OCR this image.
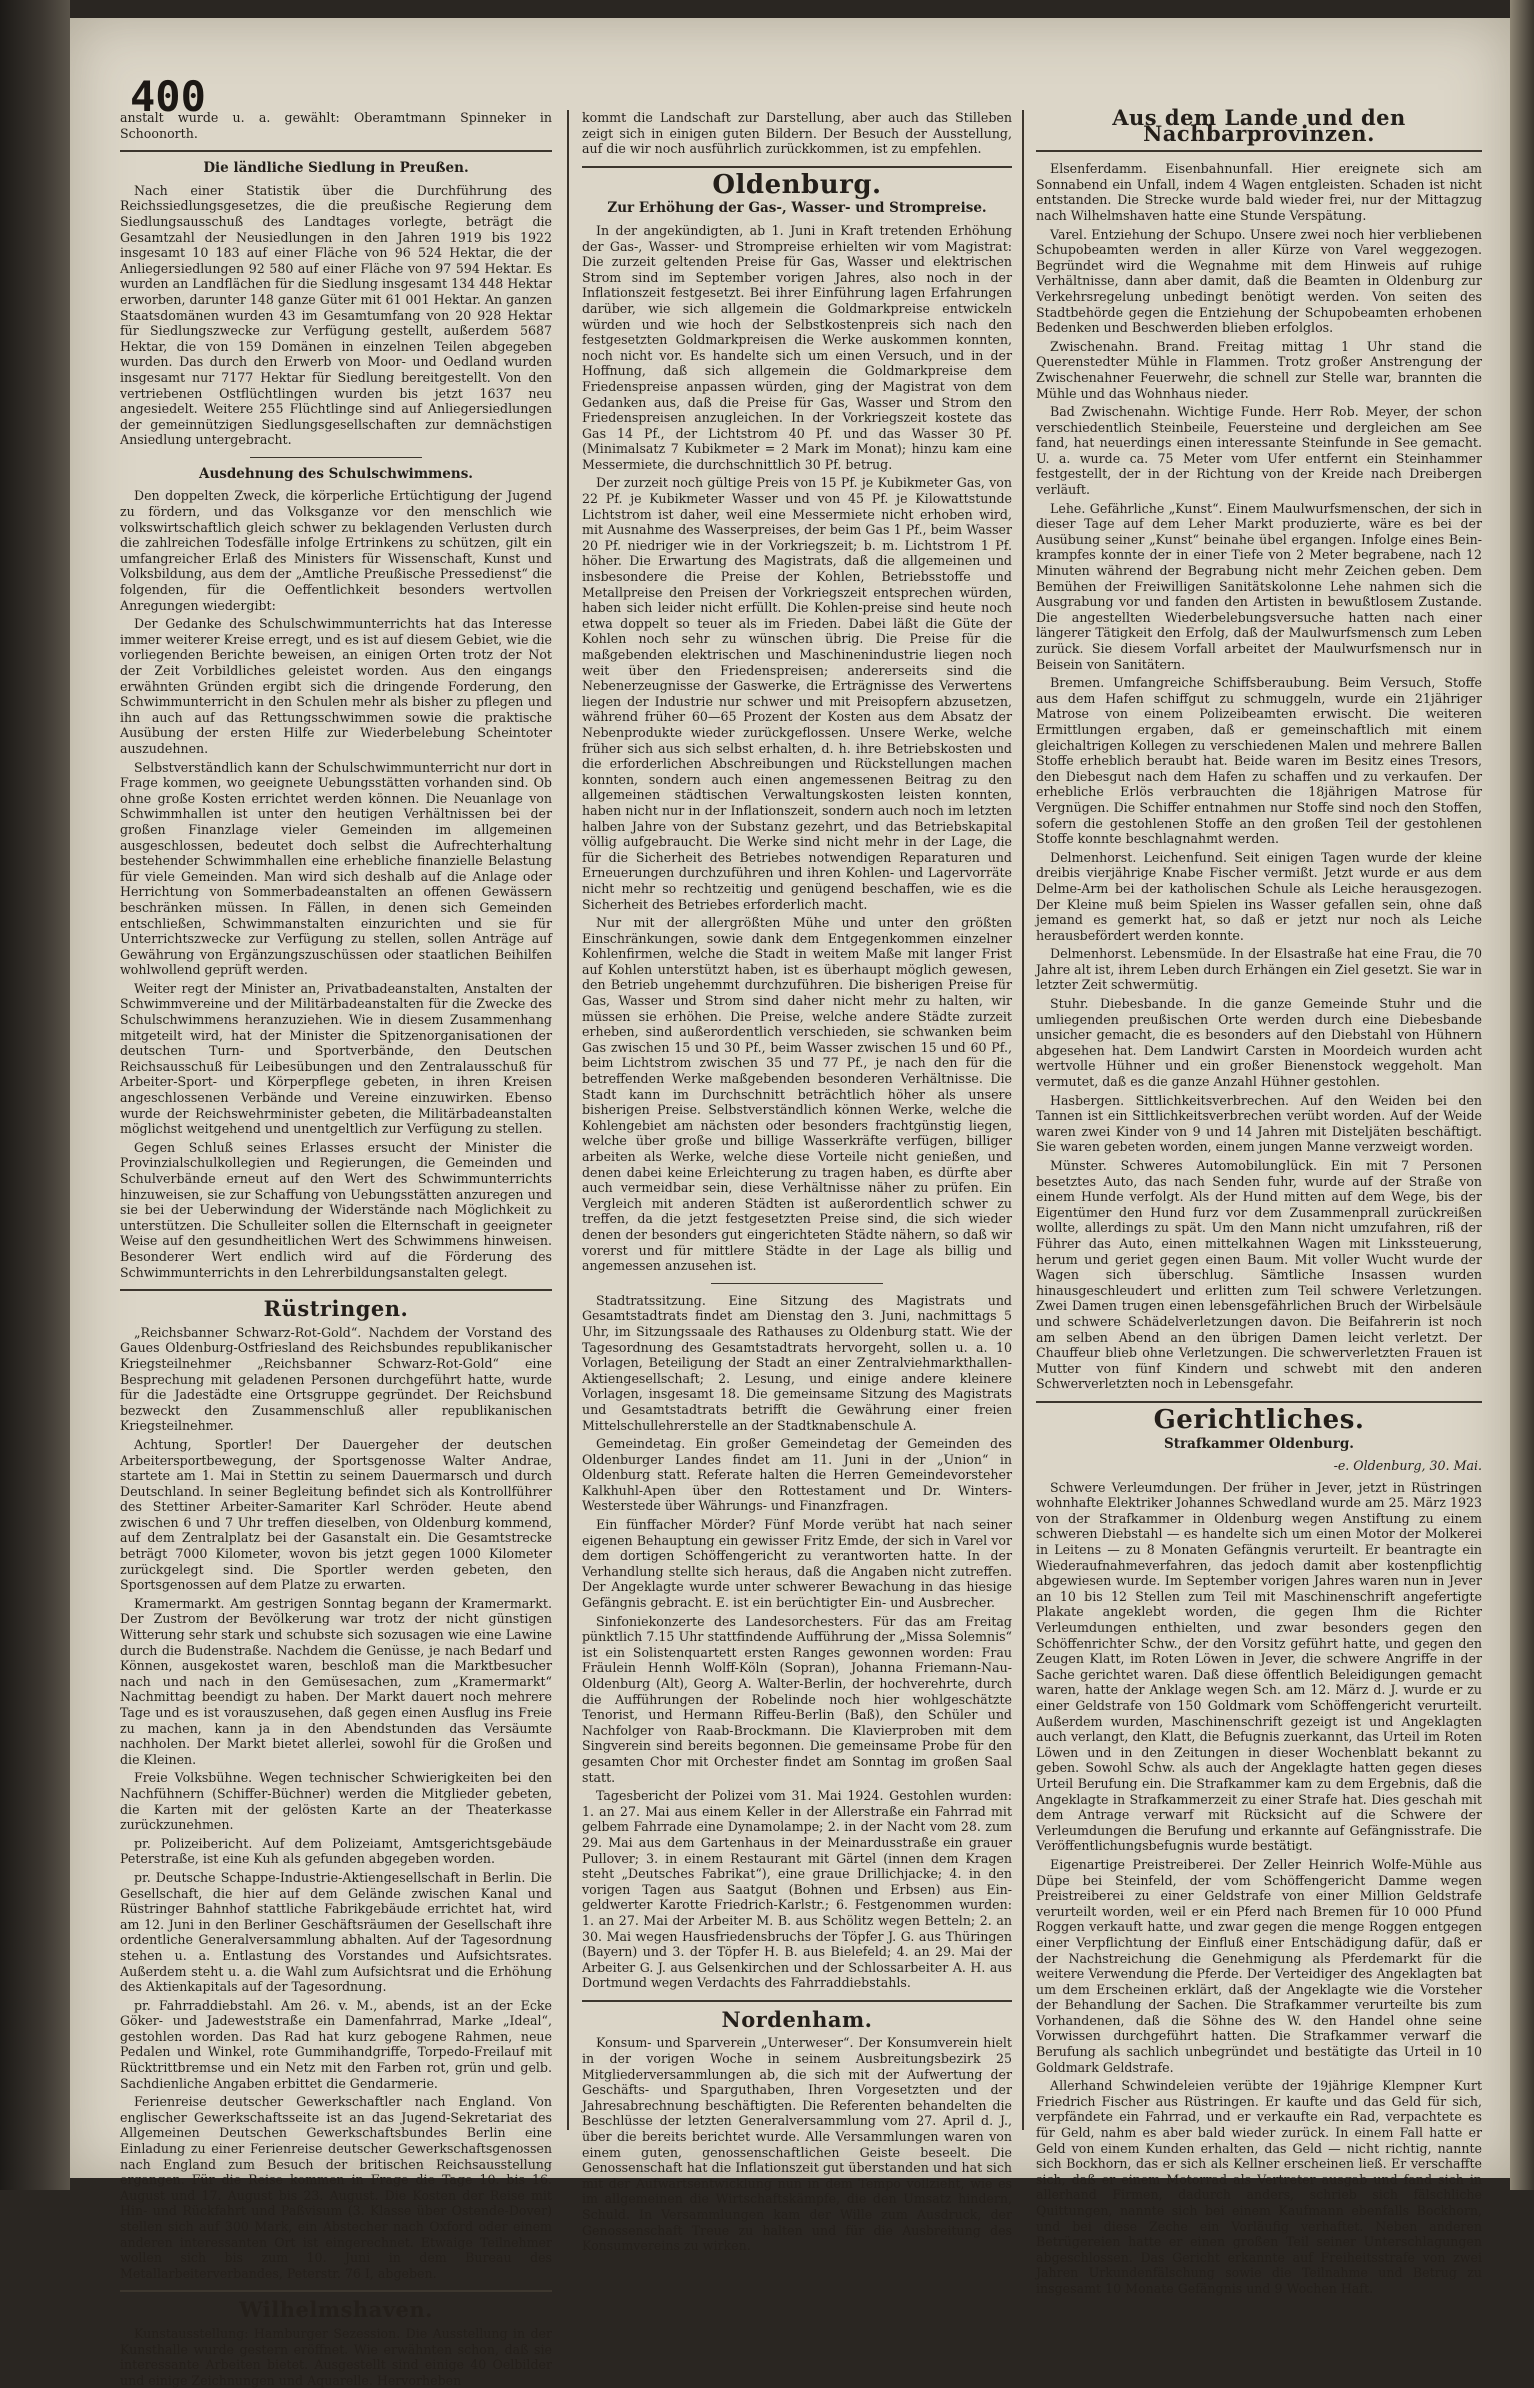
400

anstalt wurde u. a. gewählt: Oberamtmann Spinneker in Schoonorth.

Die ländliche Siedlung in Preußen.

Nach einer Statistik über die Durchführung des Reichssiedlungsgesetzes, die die preußische Regierung dem Siedlungsausschuß des Landtages vorlegte, beträgt die Gesamtzahl der Neusiedlungen in den Jahren 1919 bis 1922 insgesamt 10 183 auf einer Fläche von 96 524 Hektar, die der Anliegersiedlungen 92 580 auf einer Fläche von 97 594 Hektar. Es wurden an Landflächen für die Siedlung insgesamt 134 448 Hektar erworben, darunter 148 ganze Güter mit 61 001 Hektar. An ganzen Staatsdomänen wurden 43 im Gesamtumfang von 20 928 Hektar für Siedlungszwecke zur Verfügung gestellt, außerdem 5687 Hektar, die von 159 Domänen in einzelnen Teilen abgegeben wurden. Das durch den Erwerb von Moor- und Oedland wurden insgesamt nur 7177 Hektar für Siedlung bereitgestellt. Von den vertriebenen Ostflüchtlingen wurden bis jetzt 1637 neu angesiedelt. Weitere 255 Flüchtlinge sind auf Anliegersiedlungen der gemeinnützigen Siedlungsgesellschaften zur demnächstigen Ansiedlung untergebracht.

Ausdehnung des Schulschwimmens.

Den doppelten Zweck, die körperliche Ertüchtigung der Jugend zu fördern, und das Volksganze vor den menschlich wie volkswirtschaftlich gleich schwer zu beklagenden Verlusten durch die zahlreichen Todesfälle infolge Ertrinkens zu schützen, gilt ein umfangreicher Erlaß des Ministers für Wissenschaft, Kunst und Volksbildung, aus dem der „Amtliche Preußische Pressedienst“ die folgenden, für die Oeffentlichkeit besonders wertvollen Anregungen wiedergibt:

Der Gedanke des Schulschwimmunterrichts hat das Interesse immer weiterer Kreise erregt, und es ist auf diesem Gebiet, wie die vorliegenden Berichte beweisen, an einigen Orten trotz der Not der Zeit Vorbildliches geleistet worden. Aus den eingangs erwähnten Gründen ergibt sich die dringende Forderung, den Schwimmunterricht in den Schulen mehr als bisher zu pflegen und ihn auch auf das Rettungsschwimmen sowie die praktische Ausübung der ersten Hilfe zur Wiederbelebung Scheintoter auszudehnen.

Selbstverständlich kann der Schulschwimmunterricht nur dort in Frage kommen, wo geeignete Uebungsstätten vorhanden sind. Ob ohne große Kosten errichtet werden können. Die Neuanlage von Schwimmhallen ist unter den heutigen Verhältnissen bei der großen Finanzlage vieler Gemeinden im allgemeinen ausgeschlossen, bedeutet doch selbst die Aufrechterhaltung bestehender Schwimmhallen eine erhebliche finanzielle Belastung für viele Gemeinden. Man wird sich deshalb auf die Anlage oder Herrichtung von Sommerbadeanstalten an offenen Gewässern beschränken müssen. In Fällen, in denen sich Gemeinden entschließen, Schwimmanstalten einzurichten und sie für Unterrichtszwecke zur Verfügung zu stellen, sollen Anträge auf Gewährung von Ergänzungszuschüssen oder staatlichen Beihilfen wohlwollend geprüft werden.

Weiter regt der Minister an, Privatbadeanstalten, Anstalten der Schwimmvereine und der Militärbadeanstalten für die Zwecke des Schulschwimmens heranzuziehen. Wie in diesem Zusammenhang mitgeteilt wird, hat der Minister die Spitzenorganisationen der deutschen Turn- und Sportverbände, den Deutschen Reichsausschuß für Leibesübungen und den Zentralausschuß für Arbeiter-Sport- und Körperpflege gebeten, in ihren Kreisen angeschlossenen Verbände und Vereine einzuwirken. Ebenso wurde der Reichswehrminister gebeten, die Militärbadeanstalten möglichst weitgehend und unentgeltlich zur Verfügung zu stellen.

Gegen Schluß seines Erlasses ersucht der Minister die Provinzialschulkollegien und Regierungen, die Gemeinden und Schulverbände erneut auf den Wert des Schwimmunterrichts hinzuweisen, sie zur Schaffung von Uebungsstätten anzuregen und sie bei der Ueberwindung der Widerstände nach Möglichkeit zu unterstützen. Die Schulleiter sollen die Elternschaft in geeigneter Weise auf den gesundheitlichen Wert des Schwimmens hinweisen. Besonderer Wert endlich wird auf die Förderung des Schwimmunterrichts in den Lehrerbildungsanstalten gelegt.

Rüstringen.

„Reichsbanner Schwarz-Rot-Gold“. Nachdem der Vorstand des Gaues Oldenburg-Ostfriesland des Reichsbundes republikanischer Kriegsteilnehmer „Reichsbanner Schwarz-Rot-Gold“ eine Besprechung mit geladenen Personen durchgeführt hatte, wurde für die Jadestädte eine Ortsgruppe gegründet. Der Reichsbund bezweckt den Zusammenschluß aller republikanischen Kriegsteilnehmer.

Achtung, Sportler! Der Dauergeher der deutschen Arbeitersportbewegung, der Sportsgenosse Walter Andrae, startete am 1. Mai in Stettin zu seinem Dauermarsch und durch Deutschland. In seiner Begleitung befindet sich als Kontrollführer des Stettiner Arbeiter-Samariter Karl Schröder. Heute abend zwischen 6 und 7 Uhr treffen dieselben, von Oldenburg kommend, auf dem Zentralplatz bei der Gasanstalt ein. Die Gesamtstrecke beträgt 7000 Kilometer, wovon bis jetzt gegen 1000 Kilometer zurückgelegt sind. Die Sportler werden gebeten, den Sportsgenossen auf dem Platze zu erwarten.

Kramermarkt. Am gestrigen Sonntag begann der Kramermarkt. Der Zustrom der Bevölkerung war trotz der nicht günstigen Witterung sehr stark und schubste sich sozusagen wie eine Lawine durch die Budenstraße. Nachdem die Genüsse, je nach Bedarf und Können, ausgekostet waren, beschloß man die Marktbesucher nach und nach in den Gemüsesachen, zum „Kramermarkt“ Nachmittag beendigt zu haben. Der Markt dauert noch mehrere Tage und es ist vorauszusehen, daß gegen einen Ausflug ins Freie zu machen, kann ja in den Abendstunden das Versäumte nachholen. Der Markt bietet allerlei, sowohl für die Großen und die Kleinen.

Freie Volksbühne. Wegen technischer Schwierigkeiten bei den Nachfühnern (Schiffer-Büchner) werden die Mitglieder gebeten, die Karten mit der gelösten Karte an der Theaterkasse zurückzunehmen.

pr. Polizeibericht. Auf dem Polizeiamt, Amtsgerichtsgebäude Peterstraße, ist eine Kuh als gefunden abgegeben worden.

pr. Deutsche Schappe-Industrie-Aktiengesellschaft in Berlin. Die Gesellschaft, die hier auf dem Gelände zwischen Kanal und Rüstringer Bahnhof stattliche Fabrikgebäude errichtet hat, wird am 12. Juni in den Berliner Geschäftsräumen der Gesellschaft ihre ordentliche Generalversammlung abhalten. Auf der Tagesordnung stehen u. a. Entlastung des Vorstandes und Aufsichtsrates. Außerdem steht u. a. die Wahl zum Aufsichtsrat und die Erhöhung des Aktienkapitals auf der Tagesordnung.

pr. Fahrraddiebstahl. Am 26. v. M., abends, ist an der Ecke Göker- und Jadeweststraße ein Damenfahrrad, Marke „Ideal“, gestohlen worden. Das Rad hat kurz gebogene Rahmen, neue Pedalen und Winkel, rote Gummihandgriffe, Torpedo-Freilauf mit Rücktrittbremse und ein Netz mit den Farben rot, grün und gelb. Sachdienliche Angaben erbittet die Gendarmerie.

Ferienreise deutscher Gewerkschaftler nach England. Von englischer Gewerkschaftsseite ist an das Jugend-Sekretariat des Allgemeinen Deutschen Gewerkschaftsbundes Berlin eine Einladung zu einer Ferienreise deutscher Gewerkschaftsgenossen nach England zum Besuch der britischen Reichsausstellung ergangen. Für die Reise kommen in Frage die Tage 10. bis 16. August und 17. August bis 23. August. Die Kosten der Reise mit Hin- und Rückfahrt und Paßvisum (3. Klasse über Ostende-Dover) stellen sich auf 300 Mark, ein Abstecher nach Oxford oder einem anderen interessanten Ort ist eingerechnet. Etwaige Teilnehmer wollen sich bis zum 10. Juni in dem Bureau des Metallarbeiterverbandes, Peterstr. 76 I, abgeben.

Wilhelmshaven.

Kunstausstellung: Hamburger Sezession. Die Ausstellung in der Kunsthalle wurde gestern eröffnet. Wie erwähnten schon, daß sie interessante Arbeiten bietet. Ausgestellt sind einige 40 Oelbilder und einige Zeichnungen und Aquarelle. Hervorheben

kommt die Landschaft zur Darstellung, aber auch das Stilleben zeigt sich in einigen guten Bildern. Der Besuch der Ausstellung, auf die wir noch ausführlich zurückkommen, ist zu empfehlen.

Oldenburg.
Zur Erhöhung der Gas-, Wasser- und Strompreise.

In der angekündigten, ab 1. Juni in Kraft tretenden Erhöhung der Gas-, Wasser- und Strompreise erhielten wir vom Magistrat: Die zurzeit geltenden Preise für Gas, Wasser und elektrischen Strom sind im September vorigen Jahres, also noch in der Inflationszeit festgesetzt. Bei ihrer Einführung lagen Erfahrungen darüber, wie sich allgemein die Goldmarkpreise entwickeln würden und wie hoch der Selbstkostenpreis sich nach den festgesetzten Goldmarkpreisen die Werke auskommen konnten, noch nicht vor. Es handelte sich um einen Versuch, und in der Hoffnung, daß sich allgemein die Goldmarkpreise dem Friedenspreise anpassen würden, ging der Magistrat von dem Gedanken aus, daß die Preise für Gas, Wasser und Strom den Friedenspreisen anzugleichen. In der Vorkriegszeit kostete das Gas 14 Pf., der Lichtstrom 40 Pf. und das Wasser 30 Pf. (Minimalsatz 7 Kubikmeter = 2 Mark im Monat); hinzu kam eine Messermiete, die durchschnittlich 30 Pf. betrug.

Der zurzeit noch gültige Preis von 15 Pf. je Kubikmeter Gas, von 22 Pf. je Kubikmeter Wasser und von 45 Pf. je Kilowattstunde Lichtstrom ist daher, weil eine Messermiete nicht erhoben wird, mit Ausnahme des Wasserpreises, der beim Gas 1 Pf., beim Wasser 20 Pf. niedriger wie in der Vorkriegszeit; b. m. Lichtstrom 1 Pf. höher. Die Erwartung des Magistrats, daß die allgemeinen und insbesondere die Preise der Kohlen, Betriebsstoffe und Metallpreise den Preisen der Vorkriegszeit entsprechen würden, haben sich leider nicht erfüllt. Die Kohlen-preise sind heute noch etwa doppelt so teuer als im Frieden. Dabei läßt die Güte der Kohlen noch sehr zu wünschen übrig. Die Preise für die maßgebenden elektrischen und Maschinenindustrie liegen noch weit über den Friedenspreisen; andererseits sind die Nebenerzeugnisse der Gaswerke, die Erträgnisse des Verwertens liegen der Industrie nur schwer und mit Preisopfern abzusetzen, während früher 60—65 Prozent der Kosten aus dem Absatz der Nebenprodukte wieder zurückgeflossen. Unsere Werke, welche früher sich aus sich selbst erhalten, d. h. ihre Betriebskosten und die erforderlichen Abschreibungen und Rückstellungen machen konnten, sondern auch einen angemessenen Beitrag zu den allgemeinen städtischen Verwaltungskosten leisten konnten, haben nicht nur in der Inflationszeit, sondern auch noch im letzten halben Jahre von der Substanz gezehrt, und das Betriebskapital völlig aufgebraucht. Die Werke sind nicht mehr in der Lage, die für die Sicherheit des Betriebes notwendigen Reparaturen und Erneuerungen durchzuführen und ihren Kohlen- und Lagervorräte nicht mehr so rechtzeitig und genügend beschaffen, wie es die Sicherheit des Betriebes erforderlich macht.

Nur mit der allergrößten Mühe und unter den größten Einschränkungen, sowie dank dem Entgegenkommen einzelner Kohlenfirmen, welche die Stadt in weitem Maße mit langer Frist auf Kohlen unterstützt haben, ist es überhaupt möglich gewesen, den Betrieb ungehemmt durchzuführen. Die bisherigen Preise für Gas, Wasser und Strom sind daher nicht mehr zu halten, wir müssen sie erhöhen. Die Preise, welche andere Städte zurzeit erheben, sind außerordentlich verschieden, sie schwanken beim Gas zwischen 15 und 30 Pf., beim Wasser zwischen 15 und 60 Pf., beim Lichtstrom zwischen 35 und 77 Pf., je nach den für die betreffenden Werke maßgebenden besonderen Verhältnisse. Die Stadt kann im Durchschnitt beträchtlich höher als unsere bisherigen Preise. Selbstverständlich können Werke, welche die Kohlengebiet am nächsten oder besonders frachtgünstig liegen, welche über große und billige Wasserkräfte verfügen, billiger arbeiten als Werke, welche diese Vorteile nicht genießen, und denen dabei keine Erleichterung zu tragen haben, es dürfte aber auch vermeidbar sein, diese Verhältnisse näher zu prüfen. Ein Vergleich mit anderen Städten ist außerordentlich schwer zu treffen, da die jetzt festgesetzten Preise sind, die sich wieder denen der besonders gut eingerichteten Städte nähern, so daß wir vorerst und für mittlere Städte in der Lage als billig und angemessen anzusehen ist.

Stadtratssitzung. Eine Sitzung des Magistrats und Gesamtstadtrats findet am Dienstag den 3. Juni, nachmittags 5 Uhr, im Sitzungssaale des Rathauses zu Oldenburg statt. Wie der Tagesordnung des Gesamtstadtrats hervorgeht, sollen u. a. 10 Vorlagen, Beteiligung der Stadt an einer Zentralviehmarkthallen-Aktiengesellschaft; 2. Lesung, und einige andere kleinere Vorlagen, insgesamt 18. Die gemeinsame Sitzung des Magistrats und Gesamtstadtrats betrifft die Gewährung einer freien Mittelschullehrerstelle an der Stadtknabenschule A.

Gemeindetag. Ein großer Gemeindetag der Gemeinden des Oldenburger Landes findet am 11. Juni in der „Union“ in Oldenburg statt. Referate halten die Herren Gemeindevorsteher Kalkhuhl-Apen über den Rottestament und Dr. Winters-Westerstede über Währungs- und Finanzfragen.

Ein fünffacher Mörder? Fünf Morde verübt hat nach seiner eigenen Behauptung ein gewisser Fritz Emde, der sich in Varel vor dem dortigen Schöffengericht zu verantworten hatte. In der Verhandlung stellte sich heraus, daß die Angaben nicht zutreffen. Der Angeklagte wurde unter schwerer Bewachung in das hiesige Gefängnis gebracht. E. ist ein berüchtigter Ein- und Ausbrecher.

Sinfoniekonzerte des Landesorchesters. Für das am Freitag pünktlich 7.15 Uhr stattfindende Aufführung der „Missa Solemnis“ ist ein Solistenquartett ersten Ranges gewonnen worden: Frau Fräulein Hennh Wolff-Köln (Sopran), Johanna Friemann-Nau-Oldenburg (Alt), Georg A. Walter-Berlin, der hochverehrte, durch die Aufführungen der Robelinde noch hier wohlgeschätzte Tenorist, und Hermann Riffeu-Berlin (Baß), den Schüler und Nachfolger von Raab-Brockmann. Die Klavierproben mit dem Singverein sind bereits begonnen. Die gemeinsame Probe für den gesamten Chor mit Orchester findet am Sonntag im großen Saal statt.

Tagesbericht der Polizei vom 31. Mai 1924. Gestohlen wurden: 1. an 27. Mai aus einem Keller in der Allerstraße ein Fahrrad mit gelbem Fahrrade eine Dynamolampe; 2. in der Nacht vom 28. zum 29. Mai aus dem Gartenhaus in der Meinardusstraße ein grauer Pullover; 3. in einem Restaurant mit Gärtel (innen dem Kragen steht „Deutsches Fabrikat“), eine graue Drillichjacke; 4. in den vorigen Tagen aus Saatgut (Bohnen und Erbsen) aus Ein-geldwerter Karotte Friedrich-Karlstr.; 6. Festgenommen wurden: 1. an 27. Mai der Arbeiter M. B. aus Schölitz wegen Betteln; 2. an 30. Mai wegen Hausfriedensbruchs der Töpfer J. G. aus Thüringen (Bayern) und 3. der Töpfer H. B. aus Bielefeld; 4. an 29. Mai der Arbeiter G. J. aus Gelsenkirchen und der Schlossarbeiter A. H. aus Dortmund wegen Verdachts des Fahrraddiebstahls.

Nordenham.

Konsum- und Sparverein „Unterweser“. Der Konsumverein hielt in der vorigen Woche in seinem Ausbreitungsbezirk 25 Mitgliederversammlungen ab, die sich mit der Aufwertung der Geschäfts- und Sparguthaben, Ihren Vorgesetzten und der Jahresabrechnung beschäftigten. Die Referenten behandelten die Beschlüsse der letzten Generalversammlung vom 27. April d. J., über die bereits berichtet wurde. Alle Versammlungen waren von einem guten, genossenschaftlichen Geiste beseelt. Die Genossenschaft hat die Inflationszeit gut überstanden und hat sich mit der Aufwärtsentwicklung nun in dem Tempo vollzieht, wie es im allgemeinen die Wirtschaftskämpfe, die den Umsatz hindern, Schuld. In Versammlungen kam der Wille zum Ausdruck, der Genossenschaft Treue zu halten und für die Ausbreitung des Konsumvereins zu wirken.

Aus dem Lande und den Nachbarprovinzen.

Elsenferdamm. Eisenbahnunfall. Hier ereignete sich am Sonnabend ein Unfall, indem 4 Wagen entgleisten. Schaden ist nicht entstanden. Die Strecke wurde bald wieder frei, nur der Mittagzug nach Wilhelmshaven hatte eine Stunde Verspätung.

Varel. Entziehung der Schupo. Unsere zwei noch hier verbliebenen Schupobeamten werden in aller Kürze von Varel weggezogen. Begründet wird die Wegnahme mit dem Hinweis auf ruhige Verhältnisse, dann aber damit, daß die Beamten in Oldenburg zur Verkehrsregelung unbedingt benötigt werden. Von seiten des Stadtbehörde gegen die Entziehung der Schupobeamten erhobenen Bedenken und Beschwerden blieben erfolglos.

Zwischenahn. Brand. Freitag mittag 1 Uhr stand die Querenstedter Mühle in Flammen. Trotz großer Anstrengung der Zwischenahner Feuerwehr, die schnell zur Stelle war, brannten die Mühle und das Wohnhaus nieder.

Bad Zwischenahn. Wichtige Funde. Herr Rob. Meyer, der schon verschiedentlich Steinbeile, Feuersteine und dergleichen am See fand, hat neuerdings einen interessante Steinfunde in See gemacht. U. a. wurde ca. 75 Meter vom Ufer entfernt ein Steinhammer festgestellt, der in der Richtung von der Kreide nach Dreibergen verläuft.

Lehe. Gefährliche „Kunst“. Einem Maulwurfsmenschen, der sich in dieser Tage auf dem Leher Markt produzierte, wäre es bei der Ausübung seiner „Kunst“ beinahe übel ergangen. Infolge eines Bein-krampfes konnte der in einer Tiefe von 2 Meter begrabene, nach 12 Minuten während der Begrabung nicht mehr Zeichen geben. Dem Bemühen der Freiwilligen Sanitätskolonne Lehe nahmen sich die Ausgrabung vor und fanden den Artisten in bewußtlosem Zustande. Die angestellten Wiederbelebungsversuche hatten nach einer längerer Tätigkeit den Erfolg, daß der Maulwurfsmensch zum Leben zurück. Sie diesem Vorfall arbeitet der Maulwurfsmensch nur in Beisein von Sanitätern.

Bremen. Umfangreiche Schiffsberaubung. Beim Versuch, Stoffe aus dem Hafen schiffgut zu schmuggeln, wurde ein 21jähriger Matrose von einem Polizeibeamten erwischt. Die weiteren Ermittlungen ergaben, daß er gemeinschaftlich mit einem gleichaltrigen Kollegen zu verschiedenen Malen und mehrere Ballen Stoffe erheblich beraubt hat. Beide waren im Besitz eines Tresors, den Diebesgut nach dem Hafen zu schaffen und zu verkaufen. Der erhebliche Erlös verbrauchten die 18jährigen Matrose für Vergnügen. Die Schiffer entnahmen nur Stoffe sind noch den Stoffen, sofern die gestohlenen Stoffe an den großen Teil der gestohlenen Stoffe konnte beschlagnahmt werden.

Delmenhorst. Leichenfund. Seit einigen Tagen wurde der kleine dreibis vierjährige Knabe Fischer vermißt. Jetzt wurde er aus dem Delme-Arm bei der katholischen Schule als Leiche herausgezogen. Der Kleine muß beim Spielen ins Wasser gefallen sein, ohne daß jemand es gemerkt hat, so daß er jetzt nur noch als Leiche herausbefördert werden konnte.

Delmenhorst. Lebensmüde. In der Elsastraße hat eine Frau, die 70 Jahre alt ist, ihrem Leben durch Erhängen ein Ziel gesetzt. Sie war in letzter Zeit schwermütig.

Stuhr. Diebesbande. In die ganze Gemeinde Stuhr und die umliegenden preußischen Orte werden durch eine Diebesbande unsicher gemacht, die es besonders auf den Diebstahl von Hühnern abgesehen hat. Dem Landwirt Carsten in Moordeich wurden acht wertvolle Hühner und ein großer Bienenstock weggeholt. Man vermutet, daß es die ganze Anzahl Hühner gestohlen.

Hasbergen. Sittlichkeitsverbrechen. Auf den Weiden bei den Tannen ist ein Sittlichkeitsverbrechen verübt worden. Auf der Weide waren zwei Kinder von 9 und 14 Jahren mit Disteljäten beschäftigt. Sie waren gebeten worden, einem jungen Manne verzweigt worden.

Münster. Schweres Automobilunglück. Ein mit 7 Personen besetztes Auto, das nach Senden fuhr, wurde auf der Straße von einem Hunde verfolgt. Als der Hund mitten auf dem Wege, bis der Eigentümer den Hund furz vor dem Zusammenprall zurückreißen wollte, allerdings zu spät. Um den Mann nicht umzufahren, riß der Führer das Auto, einen mittelkahnen Wagen mit Linkssteuerung, herum und geriet gegen einen Baum. Mit voller Wucht wurde der Wagen sich überschlug. Sämtliche Insassen wurden hinausgeschleudert und erlitten zum Teil schwere Verletzungen. Zwei Damen trugen einen lebensgefährlichen Bruch der Wirbelsäule und schwere Schädelverletzungen davon. Die Beifahrerin ist noch am selben Abend an den übrigen Damen leicht verletzt. Der Chauffeur blieb ohne Verletzungen. Die schwerverletzten Frauen ist Mutter von fünf Kindern und schwebt mit den anderen Schwerverletzten noch in Lebensgefahr.

Gerichtliches.
Strafkammer Oldenburg.
-e. Oldenburg, 30. Mai.

Schwere Verleumdungen. Der früher in Jever, jetzt in Rüstringen wohnhafte Elektriker Johannes Schwedland wurde am 25. März 1923 von der Strafkammer in Oldenburg wegen Anstiftung zu einem schweren Diebstahl — es handelte sich um einen Motor der Molkerei in Leitens — zu 8 Monaten Gefängnis verurteilt. Er beantragte ein Wiederaufnahmeverfahren, das jedoch damit aber kostenpflichtig abgewiesen wurde. Im September vorigen Jahres waren nun in Jever an 10 bis 12 Stellen zum Teil mit Maschinenschrift angefertigte Plakate angeklebt worden, die gegen Ihm die Richter Verleumdungen enthielten, und zwar besonders gegen den Schöffenrichter Schw., der den Vorsitz geführt hatte, und gegen den Zeugen Klatt, im Roten Löwen in Jever, die schwere Angriffe in der Sache gerichtet waren. Daß diese öffentlich Beleidigungen gemacht waren, hatte der Anklage wegen Sch. am 12. März d. J. wurde er zu einer Geldstrafe von 150 Goldmark vom Schöffengericht verurteilt. Außerdem wurden, Maschinenschrift gezeigt ist und Angeklagten auch verlangt, den Klatt, die Befugnis zuerkannt, das Urteil im Roten Löwen und in den Zeitungen in dieser Wochenblatt bekannt zu geben. Sowohl Schw. als auch der Angeklagte hatten gegen dieses Urteil Berufung ein. Die Strafkammer kam zu dem Ergebnis, daß die Angeklagte in Strafkammerzeit zu einer Strafe hat. Dies geschah mit dem Antrage verwarf mit Rücksicht auf die Schwere der Verleumdungen die Berufung und erkannte auf Gefängnisstrafe. Die Veröffentlichungsbefugnis wurde bestätigt.

Eigenartige Preistreiberei. Der Zeller Heinrich Wolfe-Mühle aus Düpe bei Steinfeld, der vom Schöffengericht Damme wegen Preistreiberei zu einer Geldstrafe von einer Million Geldstrafe verurteilt worden, weil er ein Pferd nach Bremen für 10 000 Pfund Roggen verkauft hatte, und zwar gegen die menge Roggen entgegen einer Verpflichtung der Einfluß einer Entschädigung dafür, daß er der Nachstreichung die Genehmigung als Pferdemarkt für die weitere Verwendung die Pferde. Der Verteidiger des Angeklagten bat um dem Erscheinen erklärt, daß der Angeklagte wie die Vorsteher der Behandlung der Sachen. Die Strafkammer verurteilte bis zum Vorhandenen, daß die Söhne des W. den Handel ohne seine Vorwissen durchgeführt hatten. Die Strafkammer verwarf die Berufung als sachlich unbegründet und bestätigte das Urteil in 10 Goldmark Geldstrafe.

Allerhand Schwindeleien verübte der 19jährige Klempner Kurt Friedrich Fischer aus Rüstringen. Er kaufte und das Geld für sich, verpfändete ein Fahrrad, und er verkaufte ein Rad, verpachtete es für Geld, nahm es aber bald wieder zurück. In einem Fall hatte er Geld von einem Kunden erhalten, das Geld — nicht richtig, nannte sich Bockhorn, das er sich als Kellner erscheinen ließ. Er verschaffte sich, daß er einem Motorrad als Vertreter ausgab und fand sich in allerhand Firmen, dadurch anders, schrieb sich fälschliche Quittungen, nannte sich bei einem Kaufmann ebenfalls Bockhorn, und bei diese Zeche ein Vorläufig verhaftet. Neben anderen Betrügereien hatte er einen großen Teil seiner Unterschlagungen abgeschlossen. Das Gericht erkannte auf Freiheitsstrafe von zwei Jahren Urkundenfälschung sowie die Teilnahme und Betrug zu insgesamt 10 Monate Gefängnis und 9 Wochen Haft.
